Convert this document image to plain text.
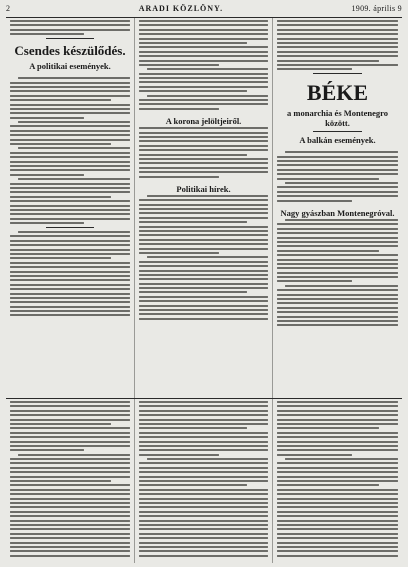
2	ARADI KÖZLÖNY.	1909. április 9
Csendes készülődés.
A politikai események.
A korona jelöltjeiről.
Politikai hírek.
BÉKE
a monarchia és Montenegro között.
A balkán események.
Nagy gyászban Montenegróval.
